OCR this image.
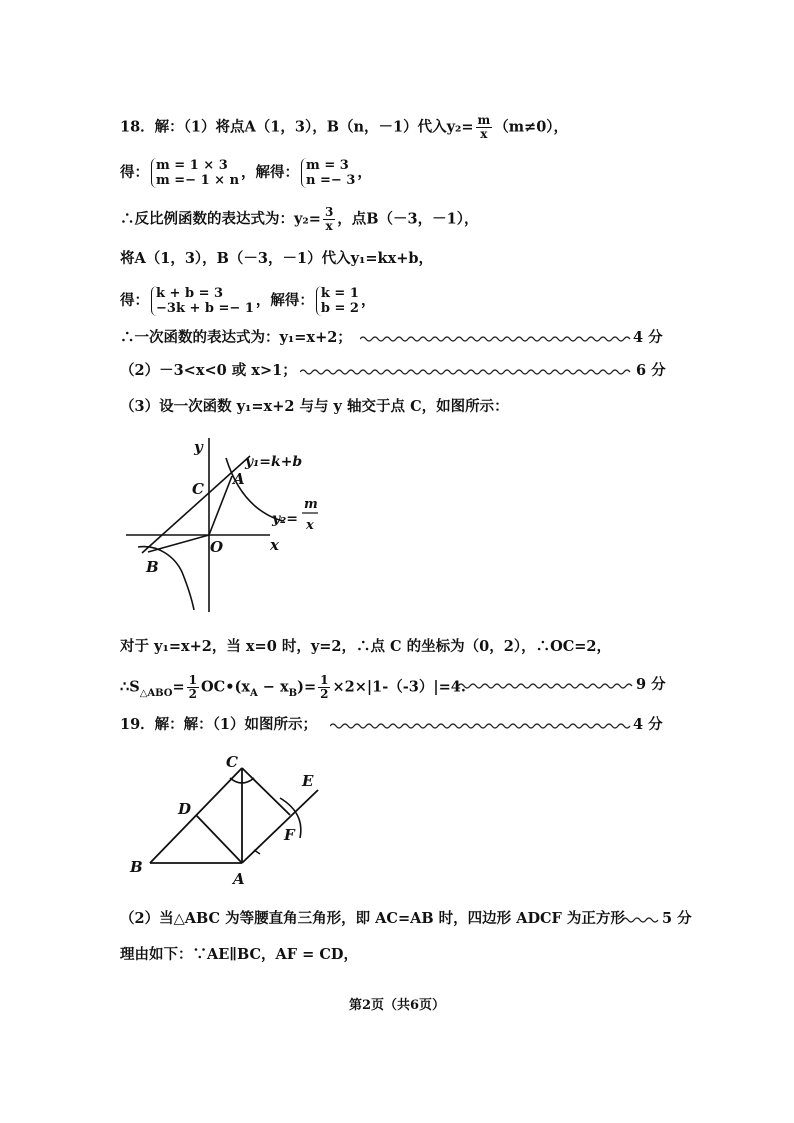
18．解：（1）将点A（1，3），B（n，－1）代入$y_2= \frac{m}{x} (m\ne 0)$，
得： m = 1 × 3
m =− 1 × n ，解得： m = 3
n =− 3 ，
∴反比例函数的表达式为：$y_2= \frac{3}{x}$ ，点B（－3，－1），
将A（1，3），B（－3，－1）代入y₁=kx+b，
得： k + b = 3
−3k + b =− 1 ，解得： k = 1
b = 2 ，
∴一次函数的表达式为：y₁=x+2；	4 分
（2）－3<x<0 或 x>1；	6 分
（3）设一次函数 y₁=x+2 与与 y 轴交于点 C，如图所示：
y
x
O
A
B
C
y₁=k+b
y₂=
m
x
对于 y₁=x+2，当 x=0 时，y=2，∴点 C 的坐标为（0，2），∴OC=2，
$\therefore S_{\triangle ABO}= \frac{1}{2}$ $OC•(x_A - x_B)= \frac{1}{2} \times 2\times|1-(-3)|=4$.	9 分
19．解：解：（1）如图所示；	4 分
C
D
B
A
E
F
（2）当△ABC 为等腰直角三角形，即 AC=AB 时，四边形 ADCF 为正方形	5 分
理由如下：∵AE∥BC，AF = CD，
第2页（共6页）
